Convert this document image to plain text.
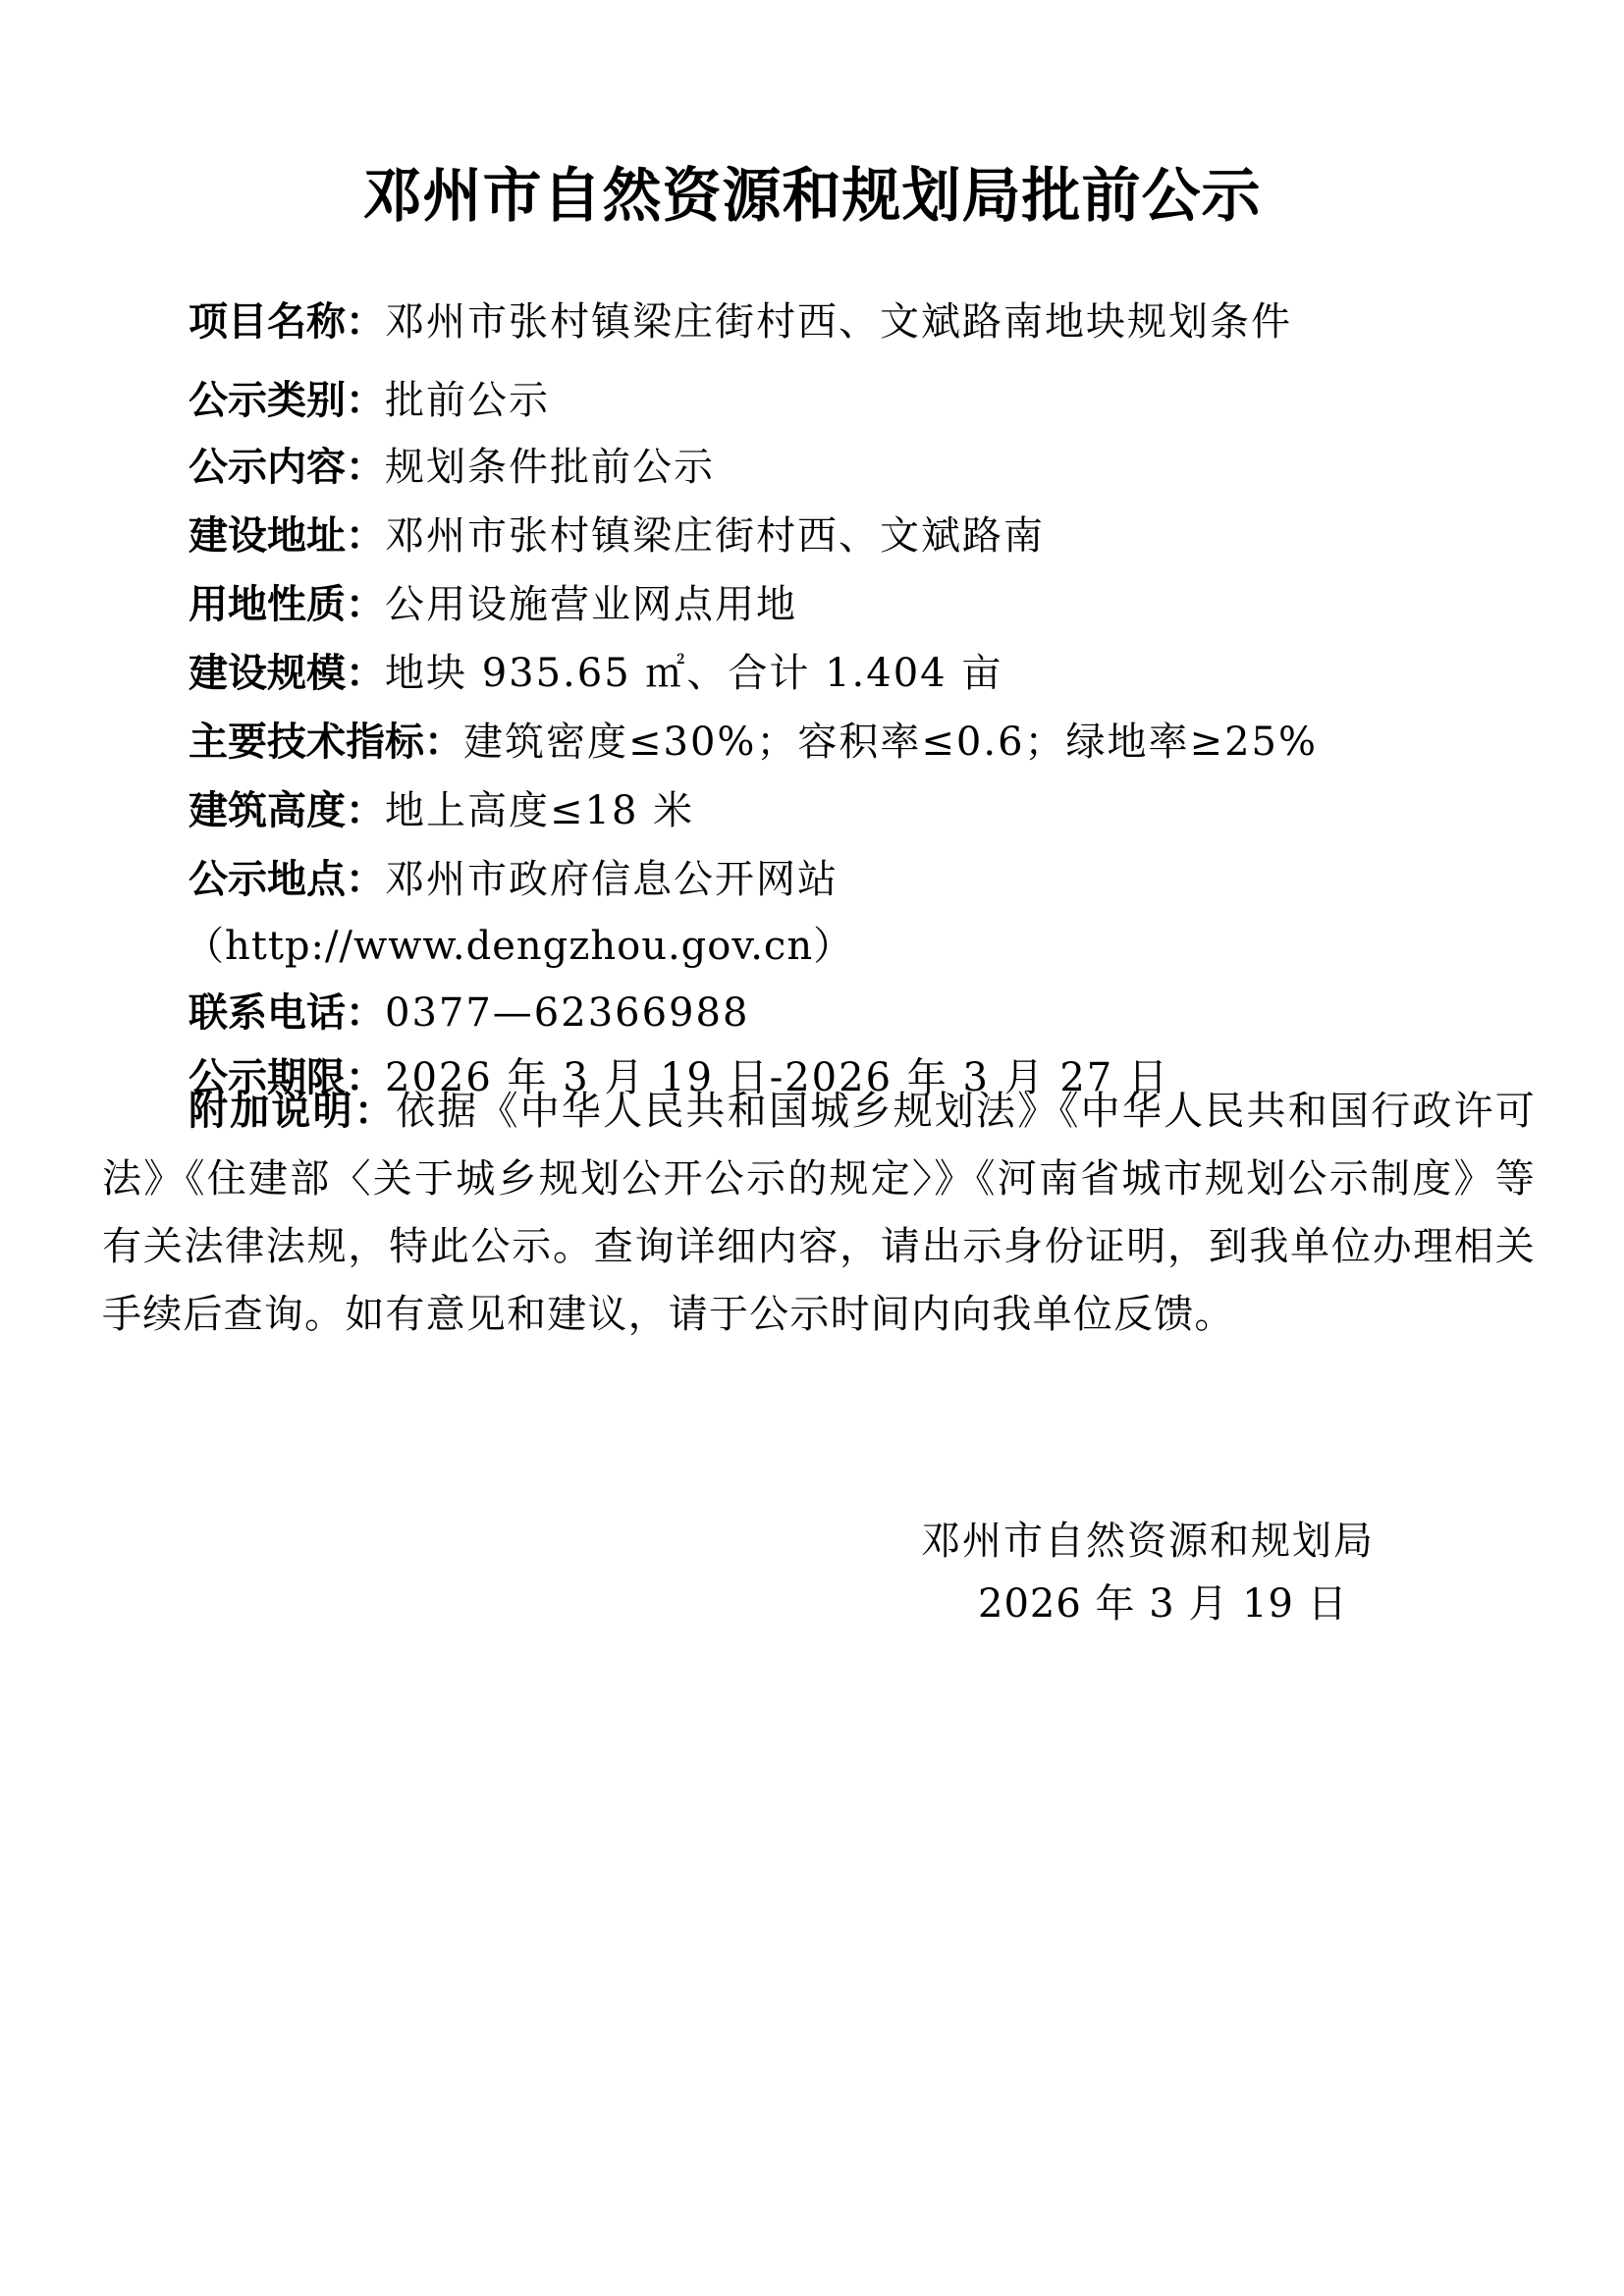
邓州市自然资源和规划局批前公示
项目名称：邓州市张村镇梁庄街村西、文斌路南地块规划条件
公示类别：批前公示
公示内容：规划条件批前公示
建设地址：邓州市张村镇梁庄街村西、文斌路南
用地性质：公用设施营业网点用地
建设规模：地块 935.65 ㎡、合计 1.404 亩
主要技术指标：建筑密度≤30%；容积率≤0.6；绿地率≥25%
建筑高度：地上高度≤18 米
公示地点：邓州市政府信息公开网站
（http://www.dengzhou.gov.cn）
联系电话：0377—62366988
公示期限：2026 年 3 月 19 日-2026 年 3 月 27 日

附加说明：依据《中华人民共和国城乡规划法》《中华人民共和国行政许可法》《住建部〈关于城乡规划公开公示的规定〉》《河南省城市规划公示制度》等有关法律法规，特此公示。查询详细内容，请出示身份证明，到我单位办理相关手续后查询。如有意见和建议，请于公示时间内向我单位反馈。

邓州市自然资源和规划局
2026 年 3 月 19 日
